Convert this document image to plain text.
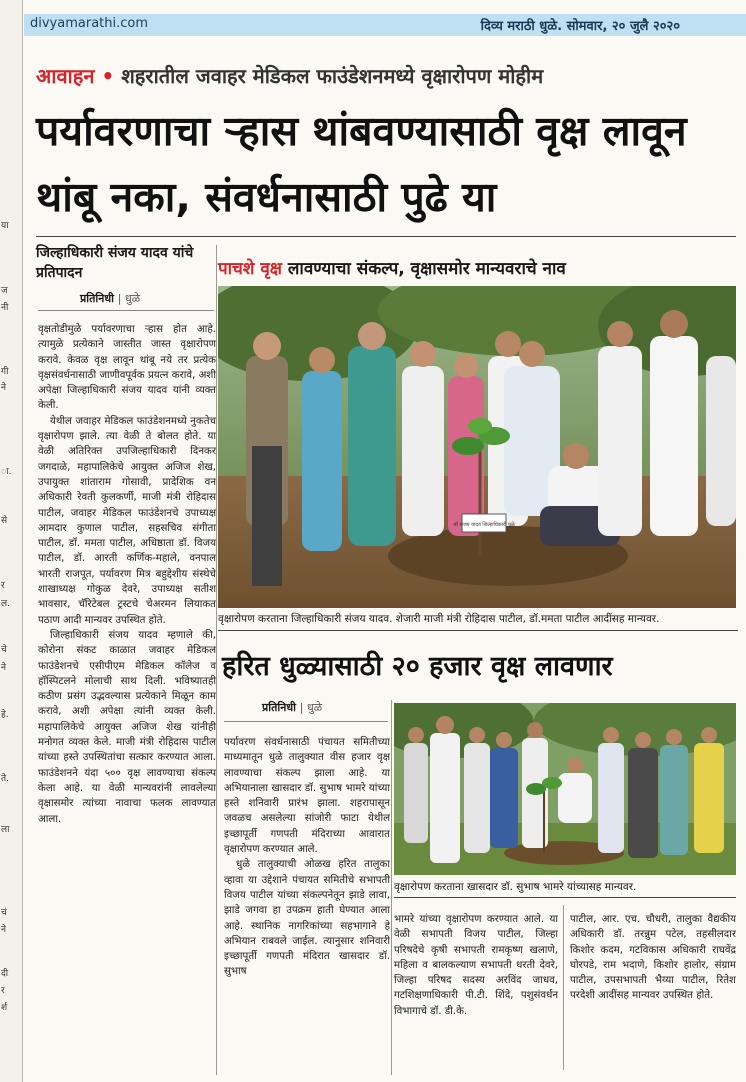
या
ज
नी
गी
ने
ा.
से
र
ल.
चे
ने
हे.
ते.
ला
चं
ने
दी
र
र्श
divyamarathi.com	दिव्य मराठी धुळे. सोमवार, २० जुलै २०२०
आवाहन • शहरातील जवाहर मेडिकल फाउंडेशनमध्ये वृक्षारोपण मोहीम
पर्यावरणाचा ऱ्हास थांबवण्यासाठी वृक्ष लावून थांबू नका, संवर्धनासाठी पुढे या
जिल्हाधिकारी संजय यादव यांचे प्रतिपादन
प्रतिनिधी | धुळे

वृक्षतोडीमुळे पर्यावरणाचा ऱ्हास होत आहे. त्यामुळे प्रत्येकाने जास्तीत जास्त वृक्षारोपण करावे. केवळ वृक्ष लावून थांबू नये तर प्रत्येक वृक्षसंवर्धनासाठी जाणीवपूर्वक प्रयत्न करावे, अशी अपेक्षा जिल्हाधिकारी संजय यादव यांनी व्यक्त केली.

येथील जवाहर मेडिकल फाउंडेशनमध्ये नुकतेच वृक्षारोपण झाले. त्या वेळी ते बोलत होते. या वेळी अतिरिक्त उपजिल्हाधिकारी दिनकर जगदाळे, महापालिकेचे आयुक्त अजिज शेख, उपायुक्त शांताराम गोसावी, प्रादेशिक वन अधिकारी रेवती कुलकर्णी, माजी मंत्री रोहिदास पाटील, जवाहर मेडिकल फाउंडेशनचे उपाध्यक्ष आमदार कुणाल पाटील, सहसचिव संगीता पाटील, डॉ. ममता पाटील, अधिष्ठाता डॉ. विजय पाटील, डॉ. आरती कर्णिक-महाले, वनपाल भारती राजपूत, पर्यावरण मित्र बहुद्देशीय संस्थेचे शाखाध्यक्ष गोकुळ देवरे, उपाध्यक्ष सतीश भावसार, चॅरिटेबल ट्रस्टचे चेअरमन लियाकत पठाण आदी मान्यवर उपस्थित होते.

जिल्हाधिकारी संजय यादव म्हणाले की, कोरोना संकट काळात जवाहर मेडिकल फाउंडेशनचे एसीपीएम मेडिकल कॉलेज व हॉस्पिटलने मोलाची साथ दिली. भविष्यातही कठीण प्रसंग उद्भवल्यास प्रत्येकाने मिळून काम करावे, अशी अपेक्षा त्यांनी व्यक्त केली. महापालिकेचे आयुक्त अजिज शेख यांनीही मनोगत व्यक्त केले. माजी मंत्री रोहिदास पाटील यांच्या हस्ते उपस्थितांचा सत्कार करण्यात आला. फाउंडेशनने यंदा ५०० वृक्ष लावण्याचा संकल्प केला आहे. या वेळी मान्यवरांनी लावलेल्या वृक्षासमोर त्यांच्या नावाचा फलक लावण्यात आला.

पाचशे वृक्ष लावण्याचा संकल्प, वृक्षासमोर मान्यवराचे नाव
श्री संजय यादव जिल्हाधिकारी धुळे
वृक्षारोपण करताना जिल्हाधिकारी संजय यादव. शेजारी माजी मंत्री रोहिदास पाटील, डॉ.ममता पाटील आदींसह मान्यवर.
हरित धुळ्यासाठी २० हजार वृक्ष लावणार
प्रतिनिधी | धुळे

पर्यावरण संवर्धनासाठी पंचायत समितीच्या माध्यमातून धुळे तालुक्यात वीस हजार वृक्ष लावण्याचा संकल्प झाला आहे. या अभियानाला खासदार डॉ. सुभाष भामरे यांच्या हस्ते शनिवारी प्रारंभ झाला. शहरापासून जवळच असलेल्या सांजोरी फाटा येथील इच्छापूर्ती गणपती मंदिराच्या आवारात वृक्षारोपण करण्यात आले.

धुळे तालुक्याची ओळख हरित तालुका व्हावा या उद्देशाने पंचायत समितीचे सभापती विजय पाटील यांच्या संकल्पनेतून झाडे लावा, झाडे जगवा हा उपक्रम हाती घेण्यात आला आहे. स्थानिक नागरिकांच्या सहभागाने हे अभियान राबवले जाईल. त्यानुसार शनिवारी इच्छापूर्ती गणपती मंदिरात खासदार डॉ. सुभाष

वृक्षारोपण करताना खासदार डॉ. सुभाष भामरे यांच्यासह मान्यवर.

भामरे यांच्या वृक्षारोपण करण्यात आले. या वेळी सभापती विजय पाटील, जिल्हा परिषदेचे कृषी सभापती रामकृष्ण खलाणे, महिला व बालकल्याण सभापती धरती देवरे, जिल्हा परिषद सदस्य अरविंद जाधव, गटशिक्षणाधिकारी पी.टी. शिंदे, पशुसंवर्धन विभागाचे डॉ. डी.के.

पाटील, आर. एच. चौधरी, तालुका वैद्यकीय अधिकारी डॉ. तरन्नुम पटेल, तहसीलदार किशोर कदम, गटविकास अधिकारी राघवेंद्र घोरपडे, राम भदाणे, किशोर हालोर, संग्राम पाटील, उपसभापती भैय्या पाटील, रितेश परदेशी आदींसह मान्यवर उपस्थित होते.
